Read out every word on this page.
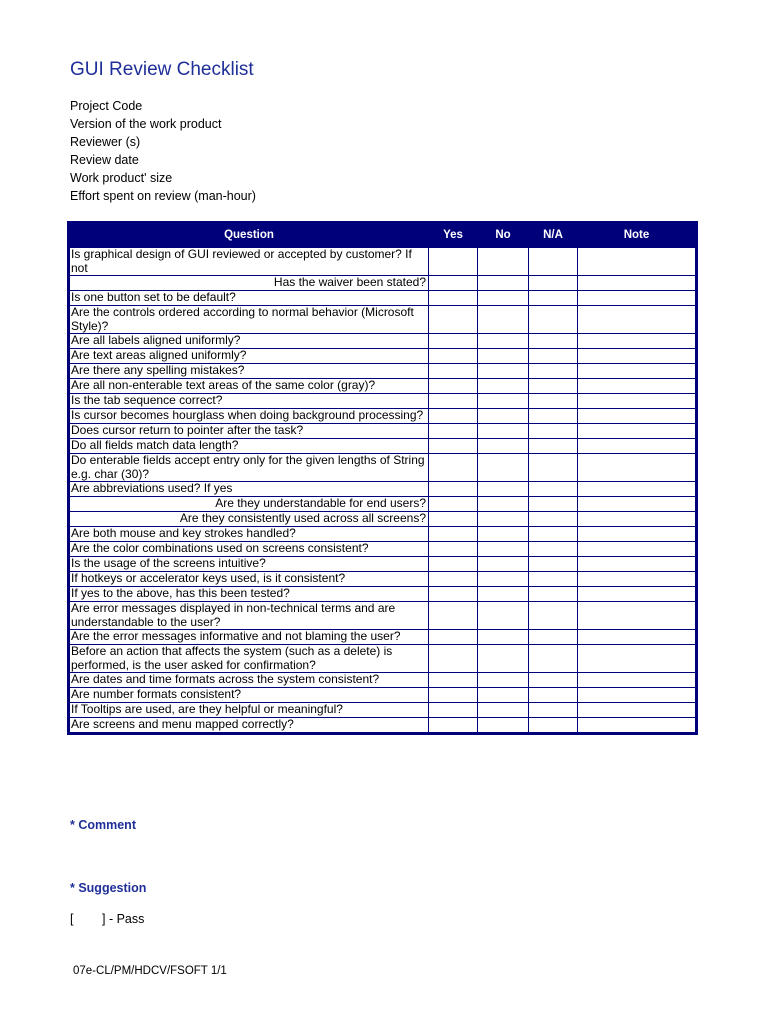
GUI Review Checklist
Project Code
Version of the work product
Reviewer (s)
Review date
Work product' size
Effort spent on review (man-hour)
Question	Yes	No	N/A	Note
Is graphical design of GUI reviewed or accepted by customer? If not				
Has the waiver been stated?				
Is one button set to be default?				
Are the controls ordered according to normal behavior (Microsoft Style)?				
Are all labels aligned uniformly?				
Are text areas aligned uniformly?				
Are there any spelling mistakes?				
Are all non-enterable text areas of the same color (gray)?				
Is the tab sequence correct?				
Is cursor becomes hourglass when doing background processing?				
Does cursor return to pointer after the task?				
Do all fields match data length?				
Do enterable fields accept entry only for the given lengths of String e.g. char (30)?				
Are abbreviations used? If yes				
Are they understandable for end users?				
Are they consistently used across all screens?				
Are both mouse and key strokes handled?				
Are the color combinations used on screens consistent?				
Is the usage of the screens intuitive?				
If hotkeys or accelerator keys used, is it consistent?				
If yes to the above, has this been tested?				
Are error messages displayed in non-technical terms and are understandable to the user?				
Are the error messages informative and not blaming the user?				
Before an action that affects the system (such as a delete) is performed, is the user asked for confirmation?				
Are dates and time formats across the system consistent?				
Are number formats consistent?				
If Tooltips are used, are they helpful or meaningful?				
Are screens and menu mapped correctly?				

* Comment

* Suggestion

[ ] - Pass
07e-CL/PM/HDCV/FSOFT 1/1
